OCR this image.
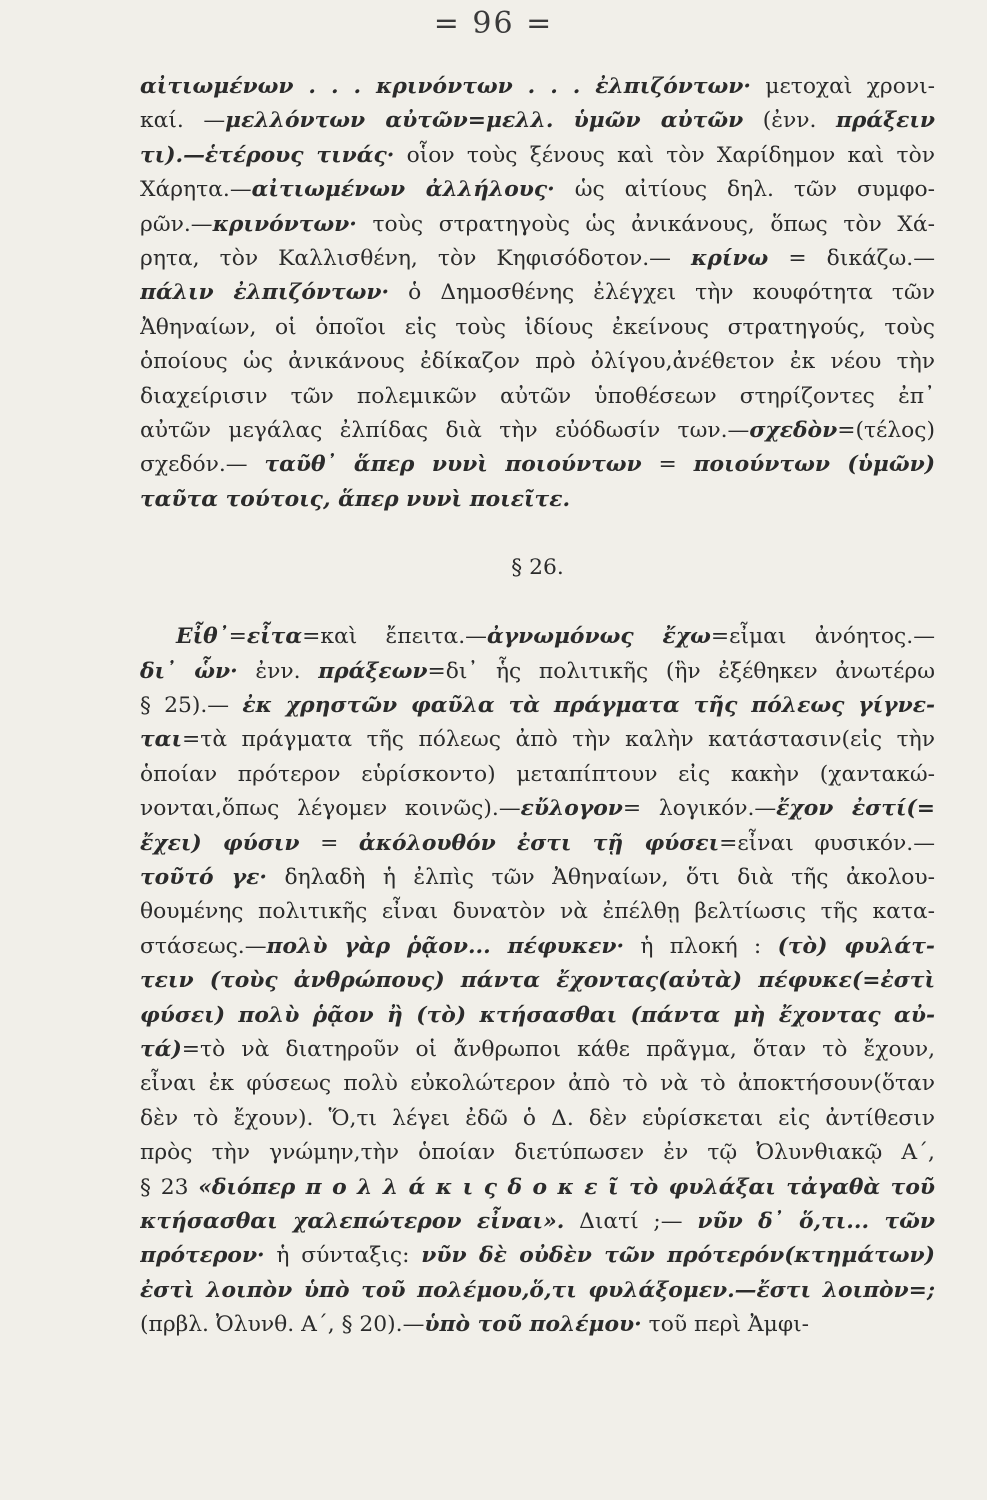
= 96 =
αἰτιωμένων . . . κρινόντων . . . ἐλπιζόντων· μετοχαὶ χρονι-
καί. —μελλόντων αὐτῶν=μελλ. ὑμῶν αὐτῶν (ἐνν. πράξειν
τι).—ἑτέρους τινάς· οἷον τοὺς ξένους καὶ τὸν Χαρίδημον καὶ τὸν
Χάρητα.—αἰτιωμένων ἀλλήλους· ὡς αἰτίους δηλ. τῶν συμφο-
ρῶν.—κρινόντων· τοὺς στρατηγοὺς ὡς ἀνικάνους, ὅπως τὸν Χά-
ρητα, τὸν Καλλισθένη, τὸν Κηφισόδοτον.— κρίνω = δικάζω.—
πάλιν ἐλπιζόντων· ὁ Δημοσθένης ἐλέγχει τὴν κουφότητα τῶν
Ἀθηναίων, οἱ ὁποῖοι εἰς τοὺς ἰδίους ἐκείνους στρατηγούς, τοὺς
ὁποίους ὡς ἀνικάνους ἐδίκαζον πρὸ ὀλίγου,ἀνέθετον ἐκ νέου τὴν
διαχείρισιν τῶν πολεμικῶν αὐτῶν ὑποθέσεων στηρίζοντες ἐπ᾿
αὐτῶν μεγάλας ἐλπίδας διὰ τὴν εὐόδωσίν των.—σχεδὸν=(τέλος)
σχεδόν.— ταῦθ᾿ ἅπερ νυνὶ ποιούντων = ποιούντων (ὑμῶν)
ταῦτα τούτοις, ἅπερ νυνὶ ποιεῖτε.
§ 26.
Εἶθ᾿=εἶτα=καὶ ἔπειτα.—ἀγνωμόνως ἔχω=εἶμαι ἀνόητος.—
δι᾿ ὧν· ἐνν. πράξεων=δι᾿ ἧς πολιτικῆς (ἣν ἐξέθηκεν ἀνωτέρω
§ 25).— ἐκ χρηστῶν φαῦλα τὰ πράγματα τῆς πόλεως γίγνε-
ται=τὰ πράγματα τῆς πόλεως ἀπὸ τὴν καλὴν κατάστασιν(εἰς τὴν
ὁποίαν πρότερον εὑρίσκοντο) μεταπίπτουν εἰς κακὴν (χαντακώ-
νονται,ὅπως λέγομεν κοινῶς).—εὔλογον= λογικόν.—ἔχον ἐστί(=
ἔχει) φύσιν = ἀκόλουθόν ἐστι τῇ φύσει=εἶναι φυσικόν.—
τοῦτό γε· δηλαδὴ ἡ ἐλπὶς τῶν Ἀθηναίων, ὅτι διὰ τῆς ἀκολου-
θουμένης πολιτικῆς εἶναι δυνατὸν νὰ ἐπέλθῃ βελτίωσις τῆς κατα-
στάσεως.—πολὺ γὰρ ῥᾷον... πέφυκεν· ἡ πλοκή : (τὸ) φυλάτ-
τειν (τοὺς ἀνθρώπους) πάντα ἔχοντας(αὐτὰ) πέφυκε(=ἐστὶ
φύσει) πολὺ ῥᾷον ἢ (τὸ) κτήσασθαι (πάντα μὴ ἔχοντας αὐ-
τά)=τὸ νὰ διατηροῦν οἱ ἄνθρωποι κάθε πρᾶγμα, ὅταν τὸ ἔχουν,
εἶναι ἐκ φύσεως πολὺ εὐκολώτερον ἀπὸ τὸ νὰ τὸ ἀποκτήσουν(ὅταν
δὲν τὸ ἔχουν). Ὅ,τι λέγει ἐδῶ ὁ Δ. δὲν εὑρίσκεται εἰς ἀντίθεσιν
πρὸς τὴν γνώμην,τὴν ὁποίαν διετύπωσεν ἐν τῷ Ὀλυνθιακῷ Α΄,
§ 23 «διόπερ π ο λ λ ά κ ι ς δ ο κ ε ῖ τὸ φυλάξαι τἀγαθὰ τοῦ
κτήσασθαι χαλεπώτερον εἶναι». Διατί ;— νῦν δ᾿ ὅ,τι... τῶν
πρότερον· ἡ σύνταξις: νῦν δὲ οὐδὲν τῶν πρότερόν(κτημάτων)
ἐστὶ λοιπὸν ὑπὸ τοῦ πολέμου,ὅ,τι φυλάξομεν.—ἔστι λοιπὸν=;
(πρβλ. Ὀλυνθ. Α΄, § 20).—ὑπὸ τοῦ πολέμου· τοῦ περὶ Ἀμφι-
